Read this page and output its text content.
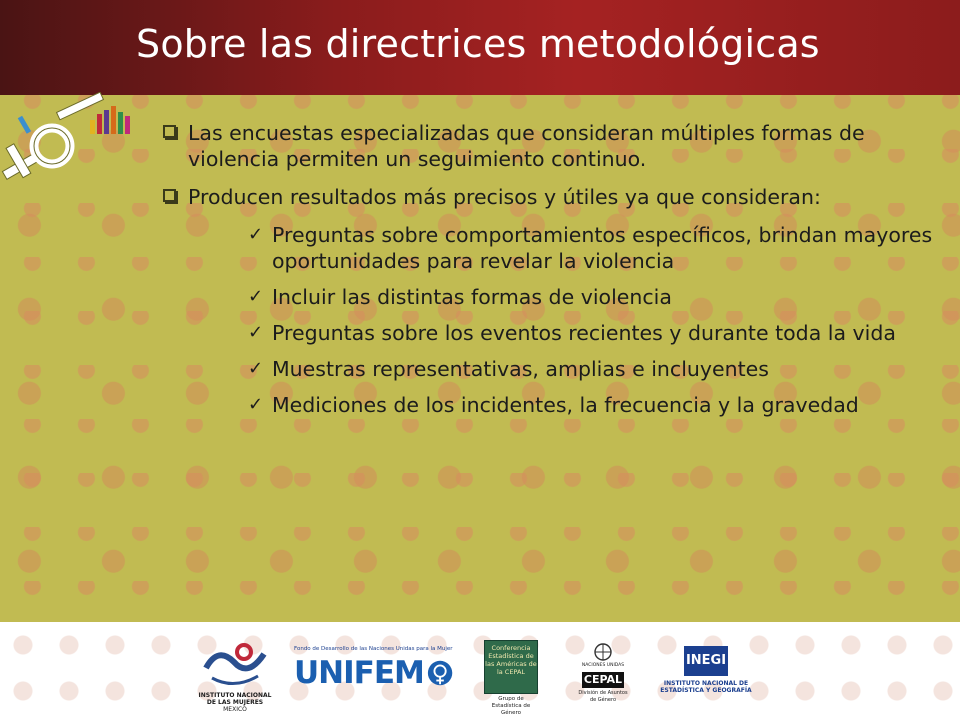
Sobre las directrices metodológicas
Las encuestas especializadas que consideran múltiples formas de violencia permiten un seguimiento continuo.
Producen resultados más precisos y útiles ya que consideran:
✓ Preguntas sobre comportamientos específicos, brindan mayores oportunidades para revelar la violencia
✓ Incluir las distintas formas de violencia
✓ Preguntas sobre los eventos recientes y durante toda la vida
✓ Muestras representativas, amplias e incluyentes
✓ Mediciones de los incidentes, la frecuencia y la gravedad
INSTITUTO NACIONAL DE LAS MUJERES
MEXICO
Fondo de Desarrollo de las Naciones Unidas para la Mujer
UNIFEM
Conferencia Estadística de las Américas de la CEPAL
Grupo de Estadística de Género
NACIONES UNIDAS
CEPAL
División de Asuntos de Género
INEGI
INSTITUTO NACIONAL DE ESTADÍSTICA Y GEOGRAFÍA
